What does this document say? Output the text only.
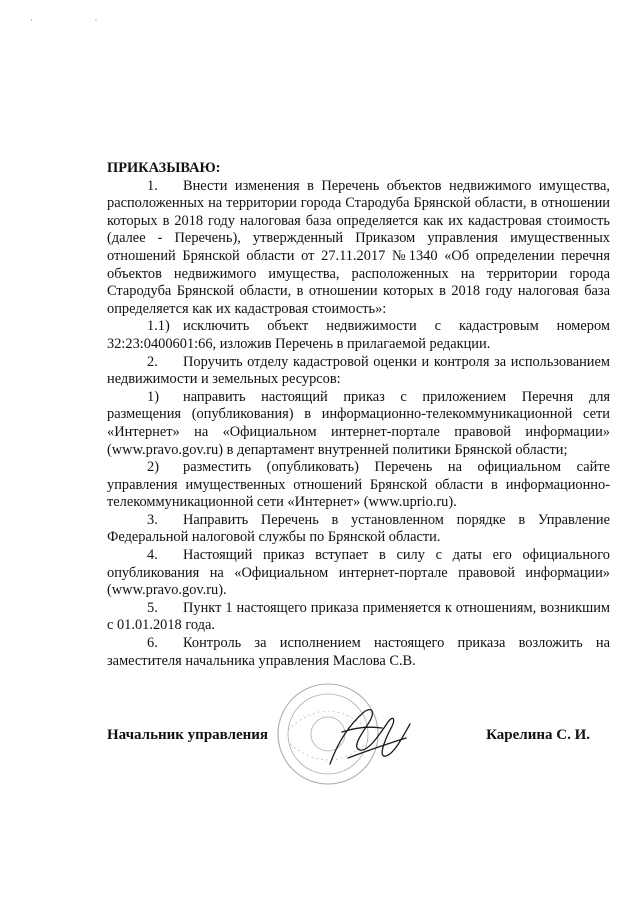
· ·

ПРИКАЗЫВАЮ:

1. Внести изменения в Перечень объектов недвижимого имущества, расположенных на территории города Стародуба Брянской области, в отношении которых в 2018 году налоговая база определяется как их кадастровая стоимость (далее - Перечень), утвержденный Приказом управления имущественных отношений Брянской области от 27.11.2017 №1340 «Об определении перечня объектов недвижимого имущества, расположенных на территории города Стародуба Брянской области, в отношении которых в 2018 году налоговая база определяется как их кадастровая стоимость»:

1.1) исключить объект недвижимости с кадастровым номером 32:23:0400601:66, изложив Перечень в прилагаемой редакции.

2. Поручить отделу кадастровой оценки и контроля за использованием недвижимости и земельных ресурсов:

1) направить настоящий приказ с приложением Перечня для размещения (опубликования) в информационно-телекоммуникационной сети «Интернет» на «Официальном интернет-портале правовой информации» (www.pravo.gov.ru) в департамент внутренней политики Брянской области;

2) разместить (опубликовать) Перечень на официальном сайте управления имущественных отношений Брянской области в информационно-телекоммуникационной сети «Интернет» (www.uprio.ru).

3. Направить Перечень в установленном порядке в Управление Федеральной налоговой службы по Брянской области.

4. Настоящий приказ вступает в силу с даты его официального опубликования на «Официальном интернет-портале правовой информации» (www.pravo.gov.ru).

5. Пункт 1 настоящего приказа применяется к отношениям, возникшим с 01.01.2018 года.

6. Контроль за исполнением настоящего приказа возложить на заместителя начальника управления Маслова С.В.

Начальник управления	Карелина С. И.
